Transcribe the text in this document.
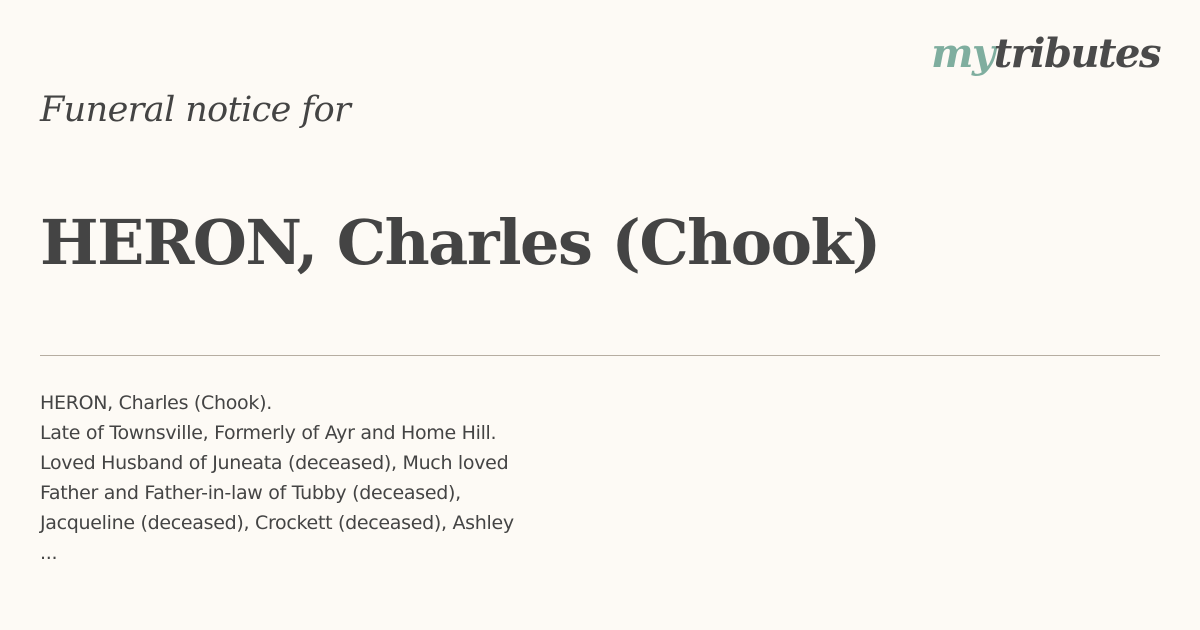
mytributes
Funeral notice for
HERON, Charles (Chook)
HERON, Charles (Chook).
Late of Townsville, Formerly of Ayr and Home Hill.
Loved Husband of Juneata (deceased), Much loved
Father and Father-in-law of Tubby (deceased),
Jacqueline (deceased), Crockett (deceased), Ashley
...
